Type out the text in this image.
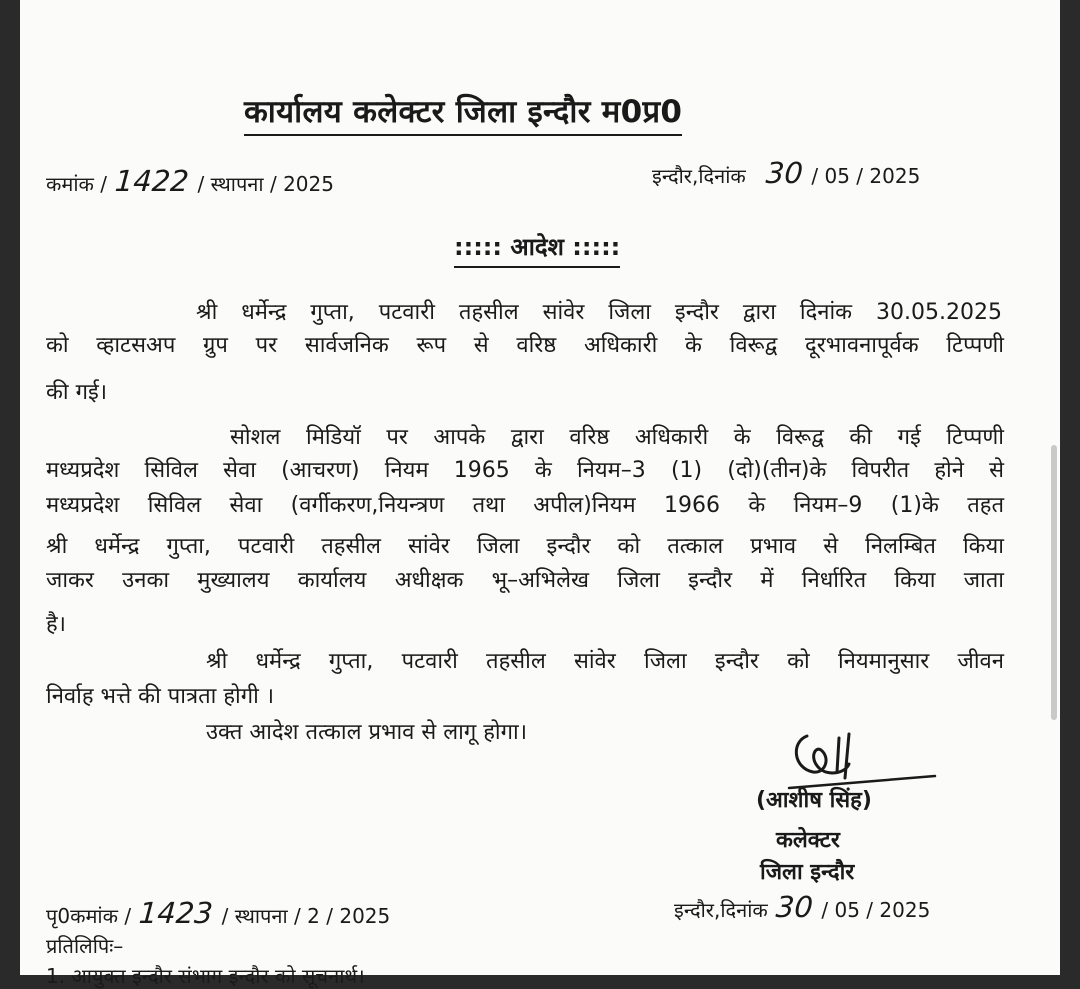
कार्यालय कलेक्टर जिला इन्दौर म0प्र0
कमांक / 1422 / स्थापना / 2025	इन्दौर,दिनांक 30 / 05 / 2025
::::: आदेश :::::
श्री धर्मेन्द्र गुप्ता, पटवारी तहसील सांवेर जिला इन्दौर द्वारा दिनांक 30.05.2025
को व्हाटसअप ग्रुप पर सार्वजनिक रूप से वरिष्ठ अधिकारी के विरूद्व दूरभावनापूर्वक टिप्पणी
की गई।
सोशल मिडियॉ पर आपके द्वारा वरिष्ठ अधिकारी के विरूद्व की गई टिप्पणी
मध्यप्रदेश सिविल सेवा (आचरण) नियम 1965 के नियम–3 (1) (दो)(तीन)के विपरीत होने से
मध्यप्रदेश सिविल सेवा (वर्गीकरण,नियन्त्रण तथा अपील)नियम 1966 के नियम–9 (1)के तहत
श्री धर्मेन्द्र गुप्ता, पटवारी तहसील सांवेर जिला इन्दौर को तत्काल प्रभाव से निलम्बित किया
जाकर उनका मुख्यालय कार्यालय अधीक्षक भू–अभिलेख जिला इन्दौर में निर्धारित किया जाता
है।
श्री धर्मेन्द्र गुप्ता, पटवारी तहसील सांवेर जिला इन्दौर को नियमानुसार जीवन
निर्वाह भत्ते की पात्रता होगी ।
उक्त आदेश तत्काल प्रभाव से लागू होगा।
(आशीष सिंह)
कलेक्टर
जिला इन्दौर
पृ0कमांक / 1423 / स्थापना / 2 / 2025	इन्दौर,दिनांक 30 / 05 / 2025
प्रतिलिपिः–
1. आयुक्त इन्दौर संभाग इन्दौर को सूचनार्थ।
